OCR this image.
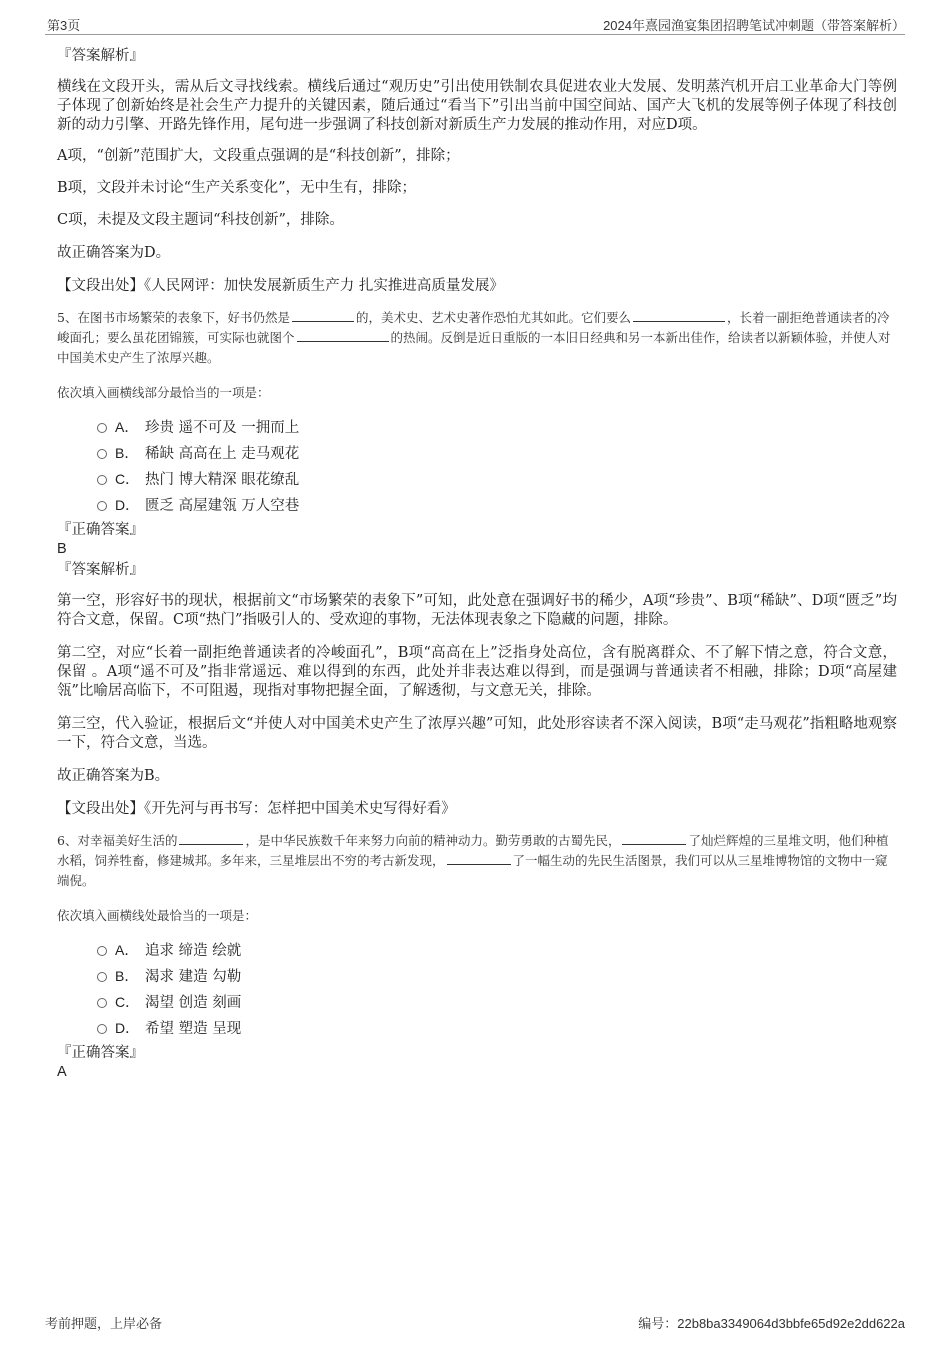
第3页	2024年熹园渔宴集团招聘笔试冲刺题（带答案解析）

『答案解析』

横线在文段开头，需从后文寻找线索。横线后通过“观历史”引出使用铁制农具促进农业大发展、发明蒸汽机开启工业革命大门等例子体现了创新始终是社会生产力提升的关键因素，随后通过“看当下”引出当前中国空间站、国产大飞机的发展等例子体现了科技创新的动力引擎、开路先锋作用，尾句进一步强调了科技创新对新质生产力发展的推动作用，对应D项。

A项，“创新”范围扩大，文段重点强调的是“科技创新”，排除；

B项，文段并未讨论“生产关系变化”，无中生有，排除；

C项，未提及文段主题词“科技创新”，排除。

故正确答案为D。

【文段出处】《人民网评：加快发展新质生产力 扎实推进高质量发展》

5、在图书市场繁荣的表象下，好书仍然是	的，美术史、艺术史著作恐怕尤其如此。它们要么	，长着一副拒绝普通读者的冷峻面孔；要么虽花团锦簇，可实际也就图个	的热闹。反倒是近日重版的一本旧日经典和另一本新出佳作，给读者以新颖体验，并使人对中国美术史产生了浓厚兴趣。

依次填入画横线部分最恰当的一项是：

A． 珍贵 遥不可及 一拥而上
B． 稀缺 高高在上 走马观花
C． 热门 博大精深 眼花缭乱
D． 匮乏 高屋建瓴 万人空巷

『正确答案』

B

『答案解析』

第一空，形容好书的现状，根据前文“市场繁荣的表象下”可知，此处意在强调好书的稀少，A项“珍贵”、B项“稀缺”、D项“匮乏”均符合文意，保留。C项“热门”指吸引人的、受欢迎的事物，无法体现表象之下隐藏的问题，排除。

第二空，对应“长着一副拒绝普通读者的冷峻面孔”，B项“高高在上”泛指身处高位，含有脱离群众、不了解下情之意，符合文意， 保留 。A项“遥不可及”指非常遥远、难以得到的东西，此处并非表达难以得到，而是强调与普通读者不相融，排除；D项“高屋建瓴”比喻居高临下，不可阻遏，现指对事物把握全面，了解透彻，与文意无关，排除。

第三空，代入验证，根据后文“并使人对中国美术史产生了浓厚兴趣”可知，此处形容读者不深入阅读，B项“走马观花”指粗略地观察一下，符合文意，当选。

故正确答案为B。

【文段出处】《开先河与再书写：怎样把中国美术史写得好看》

6、对幸福美好生活的	，是中华民族数千年来努力向前的精神动力。勤劳勇敢的古蜀先民，	了灿烂辉煌的三星堆文明，他们种植水稻，饲养牲畜，修建城邦。多年来，三星堆层出不穷的考古新发现，	了一幅生动的先民生活图景，我们可以从三星堆博物馆的文物中一窥端倪。

依次填入画横线处最恰当的一项是：

A． 追求 缔造 绘就
B． 渴求 建造 勾勒
C． 渴望 创造 刻画
D． 希望 塑造 呈现

『正确答案』

A

考前押题，上岸必备	编号：22b8ba3349064d3bbfe65d92e2dd622a
